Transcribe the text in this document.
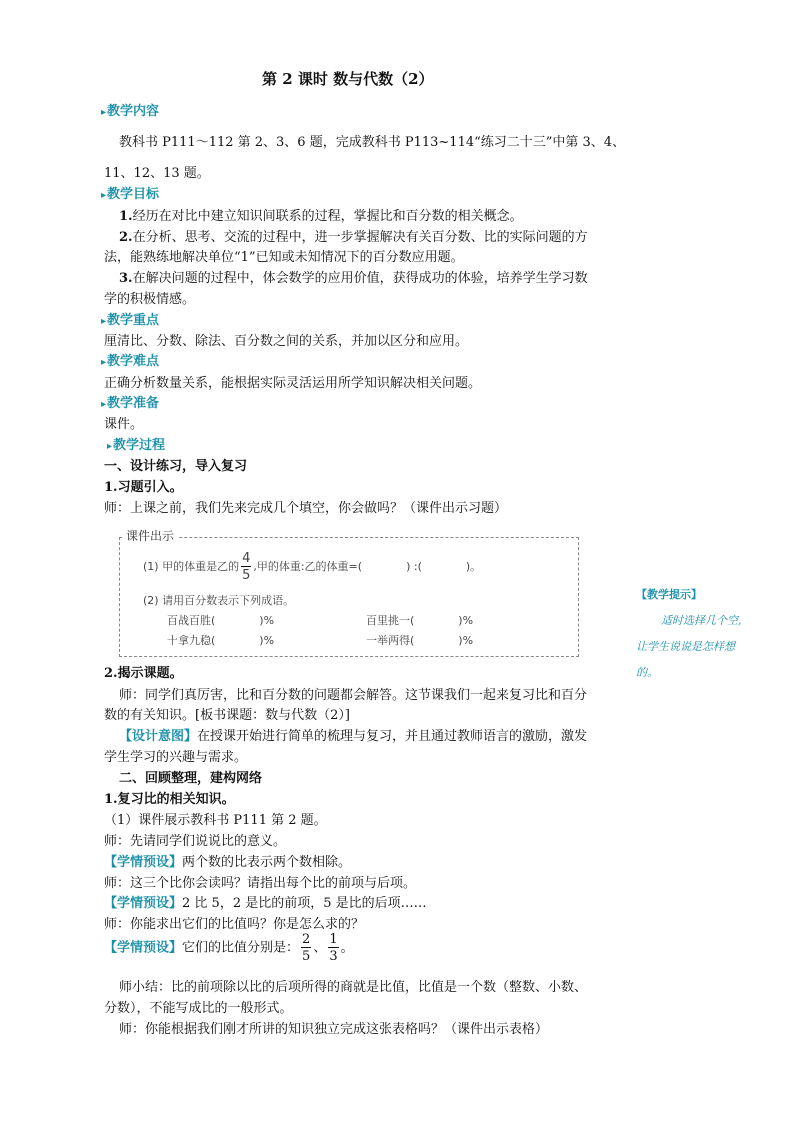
第 2 课时 数与代数（2）
▸ 教学内容
教科书 P111～112 第 2、3、6 题，完成教科书 P113~114“练习二十三”中第 3、4、
11、12、13 题。
▸ 教学目标
1.经历在对比中建立知识间联系的过程，掌握比和百分数的相关概念。
2.在分析、思考、交流的过程中，进一步掌握解决有关百分数、比的实际问题的方
法，能熟练地解决单位“1”已知或未知情况下的百分数应用题。
3.在解决问题的过程中，体会数学的应用价值，获得成功的体验，培养学生学习数
学的积极情感。
▸ 教学重点
厘清比、分数、除法、百分数之间的关系，并加以区分和应用。
▸ 教学难点
正确分析数量关系，能根据实际灵活运用所学知识解决相关问题。
▸ 教学准备
课件。
▸ 教学过程
一、设计练习，导入复习
1.习题引入。
师：上课之前，我们先来完成几个填空，你会做吗？（课件出示习题）
课件出示
(1) 甲的体重是乙的 $\frac{4}{5}$ ,甲的体重:乙的体重=(　　　　) :(　　　　)。
(2) 请用百分数表示下列成语。
百战百胜(　　　　)%	百里挑一(　　　　)%
十拿九稳(　　　　)%	一举两得(　　　　)%
【教学提示】
适时选择几个空,
让学生说说是怎样想
的。
2.揭示课题。
师：同学们真厉害，比和百分数的问题都会解答。这节课我们一起来复习比和百分
数的有关知识。[板书课题：数与代数（2）]
【设计意图】在授课开始进行简单的梳理与复习，并且通过教师语言的激励，激发
学生学习的兴趣与需求。
二、回顾整理，建构网络
1.复习比的相关知识。
（1）课件展示教科书 P111 第 2 题。
师：先请同学们说说比的意义。
【学情预设】两个数的比表示两个数相除。
师：这三个比你会读吗？请指出每个比的前项与后项。
【学情预设】2 比 5，2 是比的前项，5 是比的后项……
师：你能求出它们的比值吗？你是怎么求的？
【学情预设】它们的比值分别是： $\frac{2}{5}$ 、 $\frac{1}{3}$ 。
师小结：比的前项除以比的后项所得的商就是比值，比值是一个数（整数、小数、
分数），不能写成比的一般形式。
师：你能根据我们刚才所讲的知识独立完成这张表格吗？（课件出示表格）
